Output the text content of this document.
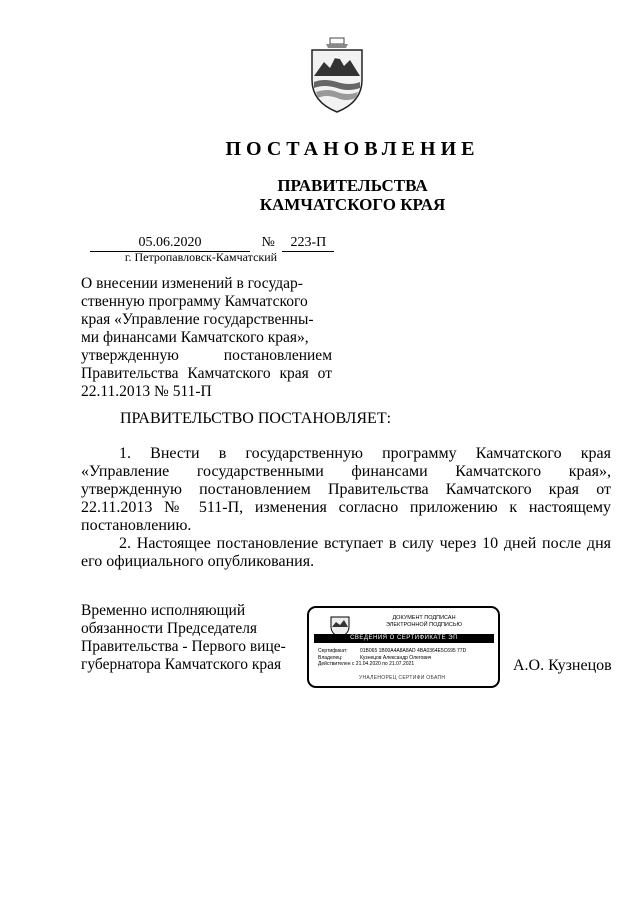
ПОСТАНОВЛЕНИЕ
ПРАВИТЕЛЬСТВА
КАМЧАТСКОГО КРАЯ
05.06.2020	№ 223-П
г. Петропавловск-Камчатский
О внесении изменений в государ-
ственную программу Камчатского
края «Управление государственны-
ми финансами Камчатского края»,
утвержденную постановлением
Правительства Камчатского края от
22.11.2013 № 511-П
ПРАВИТЕЛЬСТВО ПОСТАНОВЛЯЕТ:

1. Внести в государственную программу Камчатского края «Управление государственными финансами Камчатского края», утвержденную постановлением Правительства Камчатского края от 22.11.2013 № 511-П, изменения согласно приложению к настоящему постановлению.

2. Настоящее постановление вступает в силу через 10 дней после дня его официального опубликования.

Временно исполняющий
обязанности Председателя
Правительства - Первого вице-
губернатора Камчатского края
ДОКУМЕНТ ПОДПИСАН
ЭЛЕКТРОННОЙ ПОДПИСЬЮ
СВЕДЕНИЯ О СЕРТИФИКАТЕ ЭП
Сертификат: 01B065 1B00A4A8A8AD 4BA0364E5C695 77D
Владелец:	Кузнецов Александр Олегович
Действителен с 21.04.2020 по 21.07.2021
УНАЛЕНОРЕЦ СЕРТИФИ ОБАПН
А.О. Кузнецов
